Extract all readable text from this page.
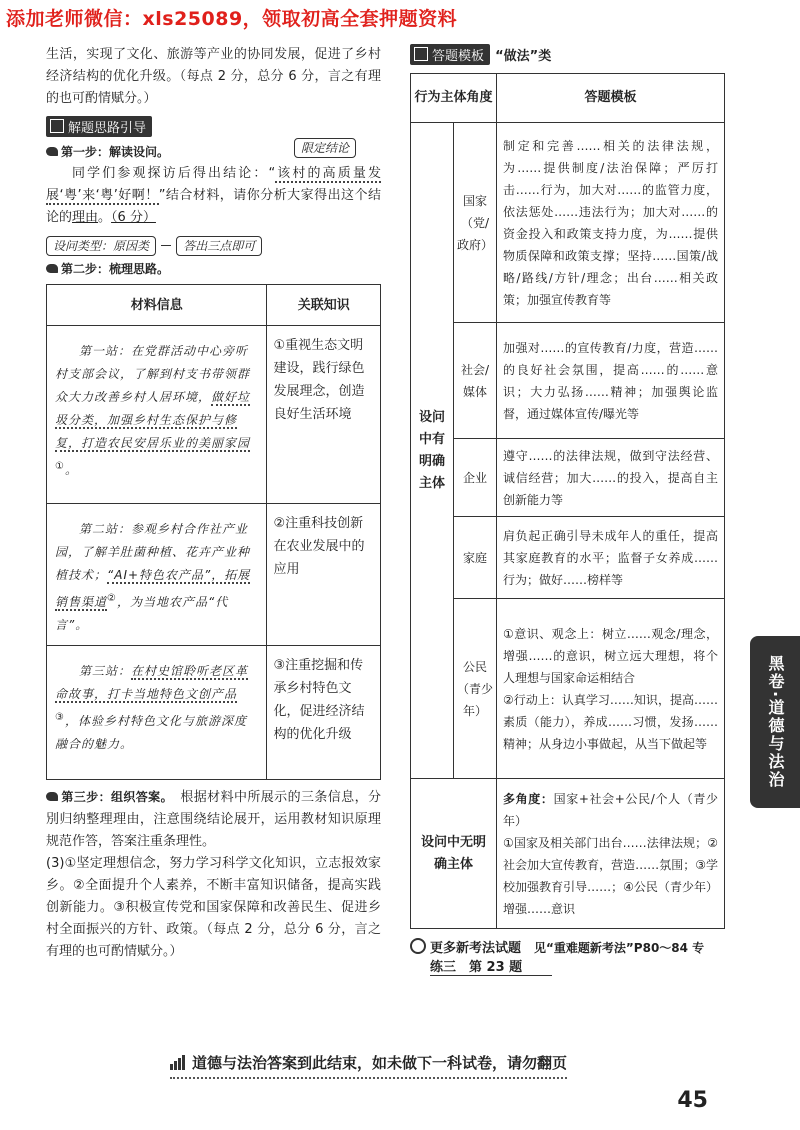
添加老师微信：xls25089，领取初高全套押题资料

生活，实现了文化、旅游等产业的协同发展，促进了乡村经济结构的优化升级。（每点 2 分，总分 6 分，言之有理的也可酌情赋分。）

解题思路引导
第一步：解读设问。	限定结论

同学们参观探访后得出结论：“该村的高质量发展‘粤’来‘粤’好啊！”结合材料，请你分析大家得出这个结论的理由。（6 分）

设问类型：原因类	答出三点即可
第二步：梳理思路。
材料信息	关联知识
第一站：在党群活动中心旁听村支部会议，了解到村支书带领群众大力改善乡村人居环境，做好垃圾分类，加强乡村生态保护与修复，打造农民安居乐业的美丽家园①。	①重视生态文明建设，践行绿色发展理念，创造良好生活环境
第二站：参观乡村合作社产业园，了解羊肚菌种植、花卉产业种植技术；“AI+特色农产品”，拓展销售渠道②，为当地农产品“代言”。	②注重科技创新在农业发展中的应用
第三站：在村史馆聆听老区革命故事，打卡当地特色文创产品③，体验乡村特色文化与旅游深度融合的魅力。	③注重挖掘和传承乡村特色文化，促进经济结构的优化升级

第三步：组织答案。　 根据材料中所展示的三条信息，分別归纳整理理由，注意围绕结论展开，运用教材知识原理规范作答，答案注重条理性。

(3)①坚定理想信念，努力学习科学文化知识，立志报效家乡。②全面提升个人素养，不断丰富知识储备，提高实践创新能力。③积极宣传党和国家保障和改善民生、促进乡村全面振兴的方针、政策。（每点 2 分，总分 6 分，言之有理的也可酌情赋分。）

答题模板 “做法”类
行为主体角度		答题模板
设问中有明确主体	国家（党/政府）	制定和完善……相关的法律法规，为……提供制度/法治保障；严厉打击……行为，加大对……的监管力度，依法惩处……违法行为；加大对……的资金投入和政策支持力度，为……提供物质保障和政策支撑；坚持……国策/战略/路线/方针/理念；出台……相关政策；加强宣传教育等
	社会/媒体	加强对……的宣传教育/力度，营造……的良好社会氛围，提高……的……意识；大力弘扬……精神；加强舆论监督，通过媒体宣传/曝光等
	企业	遵守……的法律法规，做到守法经营、诚信经营；加大……的投入，提高自主创新能力等
	家庭	肩负起正确引导未成年人的重任，提高其家庭教育的水平；监督子女养成……行为；做好……榜样等
	公民（青少年）	①意识、观念上：树立……观念/理念，增强……的意识，树立远大理想，将个人理想与国家命运相结合
②行动上：认真学习……知识，提高……素质（能力），养成……习惯，发扬……精神；从身边小事做起，从当下做起等
设问中无明确主体		多角度：国家+社会+公民/个人（青少年）
①国家及相关部门出台……法律法规；②社会加大宣传教育，营造……氛围；③学校加强教育引导……；④公民（青少年）增强……意识
更多新考法试题　 见“重难题新考法”P80～84 专
练三　第 23 题
黑卷·道德与法治
道德与法治答案到此结束，如未做下一科试卷，请勿翻页
45
